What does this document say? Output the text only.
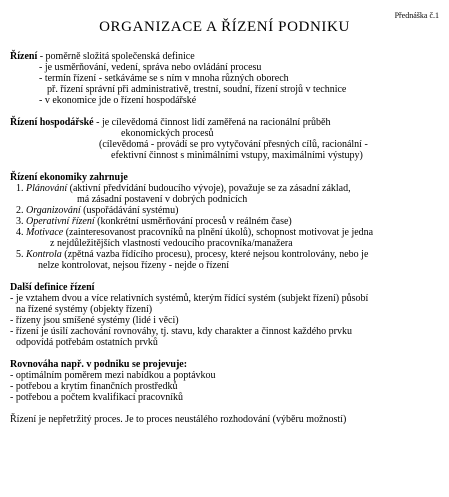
Přednáška č.1
ORGANIZACE A ŘÍZENÍ PODNIKU

Řízení - poměrně složitá společenská definice

- je usměrňování, vedení, správa nebo ovládání procesu

- termín řízení - setkáváme se s ním v mnoha různých oborech

př. řízení správní při administrativě, trestní, soudní, řízení strojů v technice

- v ekonomice jde o řízení hospodářské

Řízení hospodářské - je cílevědomá činnost lidí zaměřená na racionální průběh

ekonomických procesů

(cílevědomá - provádí se pro vytyčování přesných cílů, racionální -

efektivní činnost s minimálními vstupy, maximálními výstupy)

Řízení ekonomiky zahrnuje

1. Plánování (aktivní předvídání budoucího vývoje), považuje se za zásadní základ,

má zásadní postavení v dobrých podnicích

2. Organizování (uspořádávání systému)

3. Operativní řízení (konkrétní usměrňování procesů v reálném čase)

4. Motivace (zainteresovanost pracovníků na plnění úkolů), schopnost motivovat je jedna

z nejdůležitějších vlastností vedoucího pracovníka/manažera

5. Kontrola (zpětná vazba řídícího procesu), procesy, které nejsou kontrolovány, nebo je

nelze kontrolovat, nejsou řízeny - nejde o řízení

Další definice řízení

- je vztahem dvou a více relativních systémů, kterým řídící systém (subjekt řízení) působí

na řízené systémy (objekty řízení)

- řízeny jsou smíšené systémy (lidé i věci)

- řízení je úsilí zachování rovnováhy, tj. stavu, kdy charakter a činnost každého prvku

odpovídá potřebám ostatních prvků

Rovnováha např. v podniku se projevuje:

- optimálním poměrem mezi nabídkou a poptávkou

- potřebou a krytím finančních prostředků

- potřebou a počtem kvalifikací pracovníků

Řízení je nepřetržitý proces. Je to proces neustálého rozhodování (výběru možností)
